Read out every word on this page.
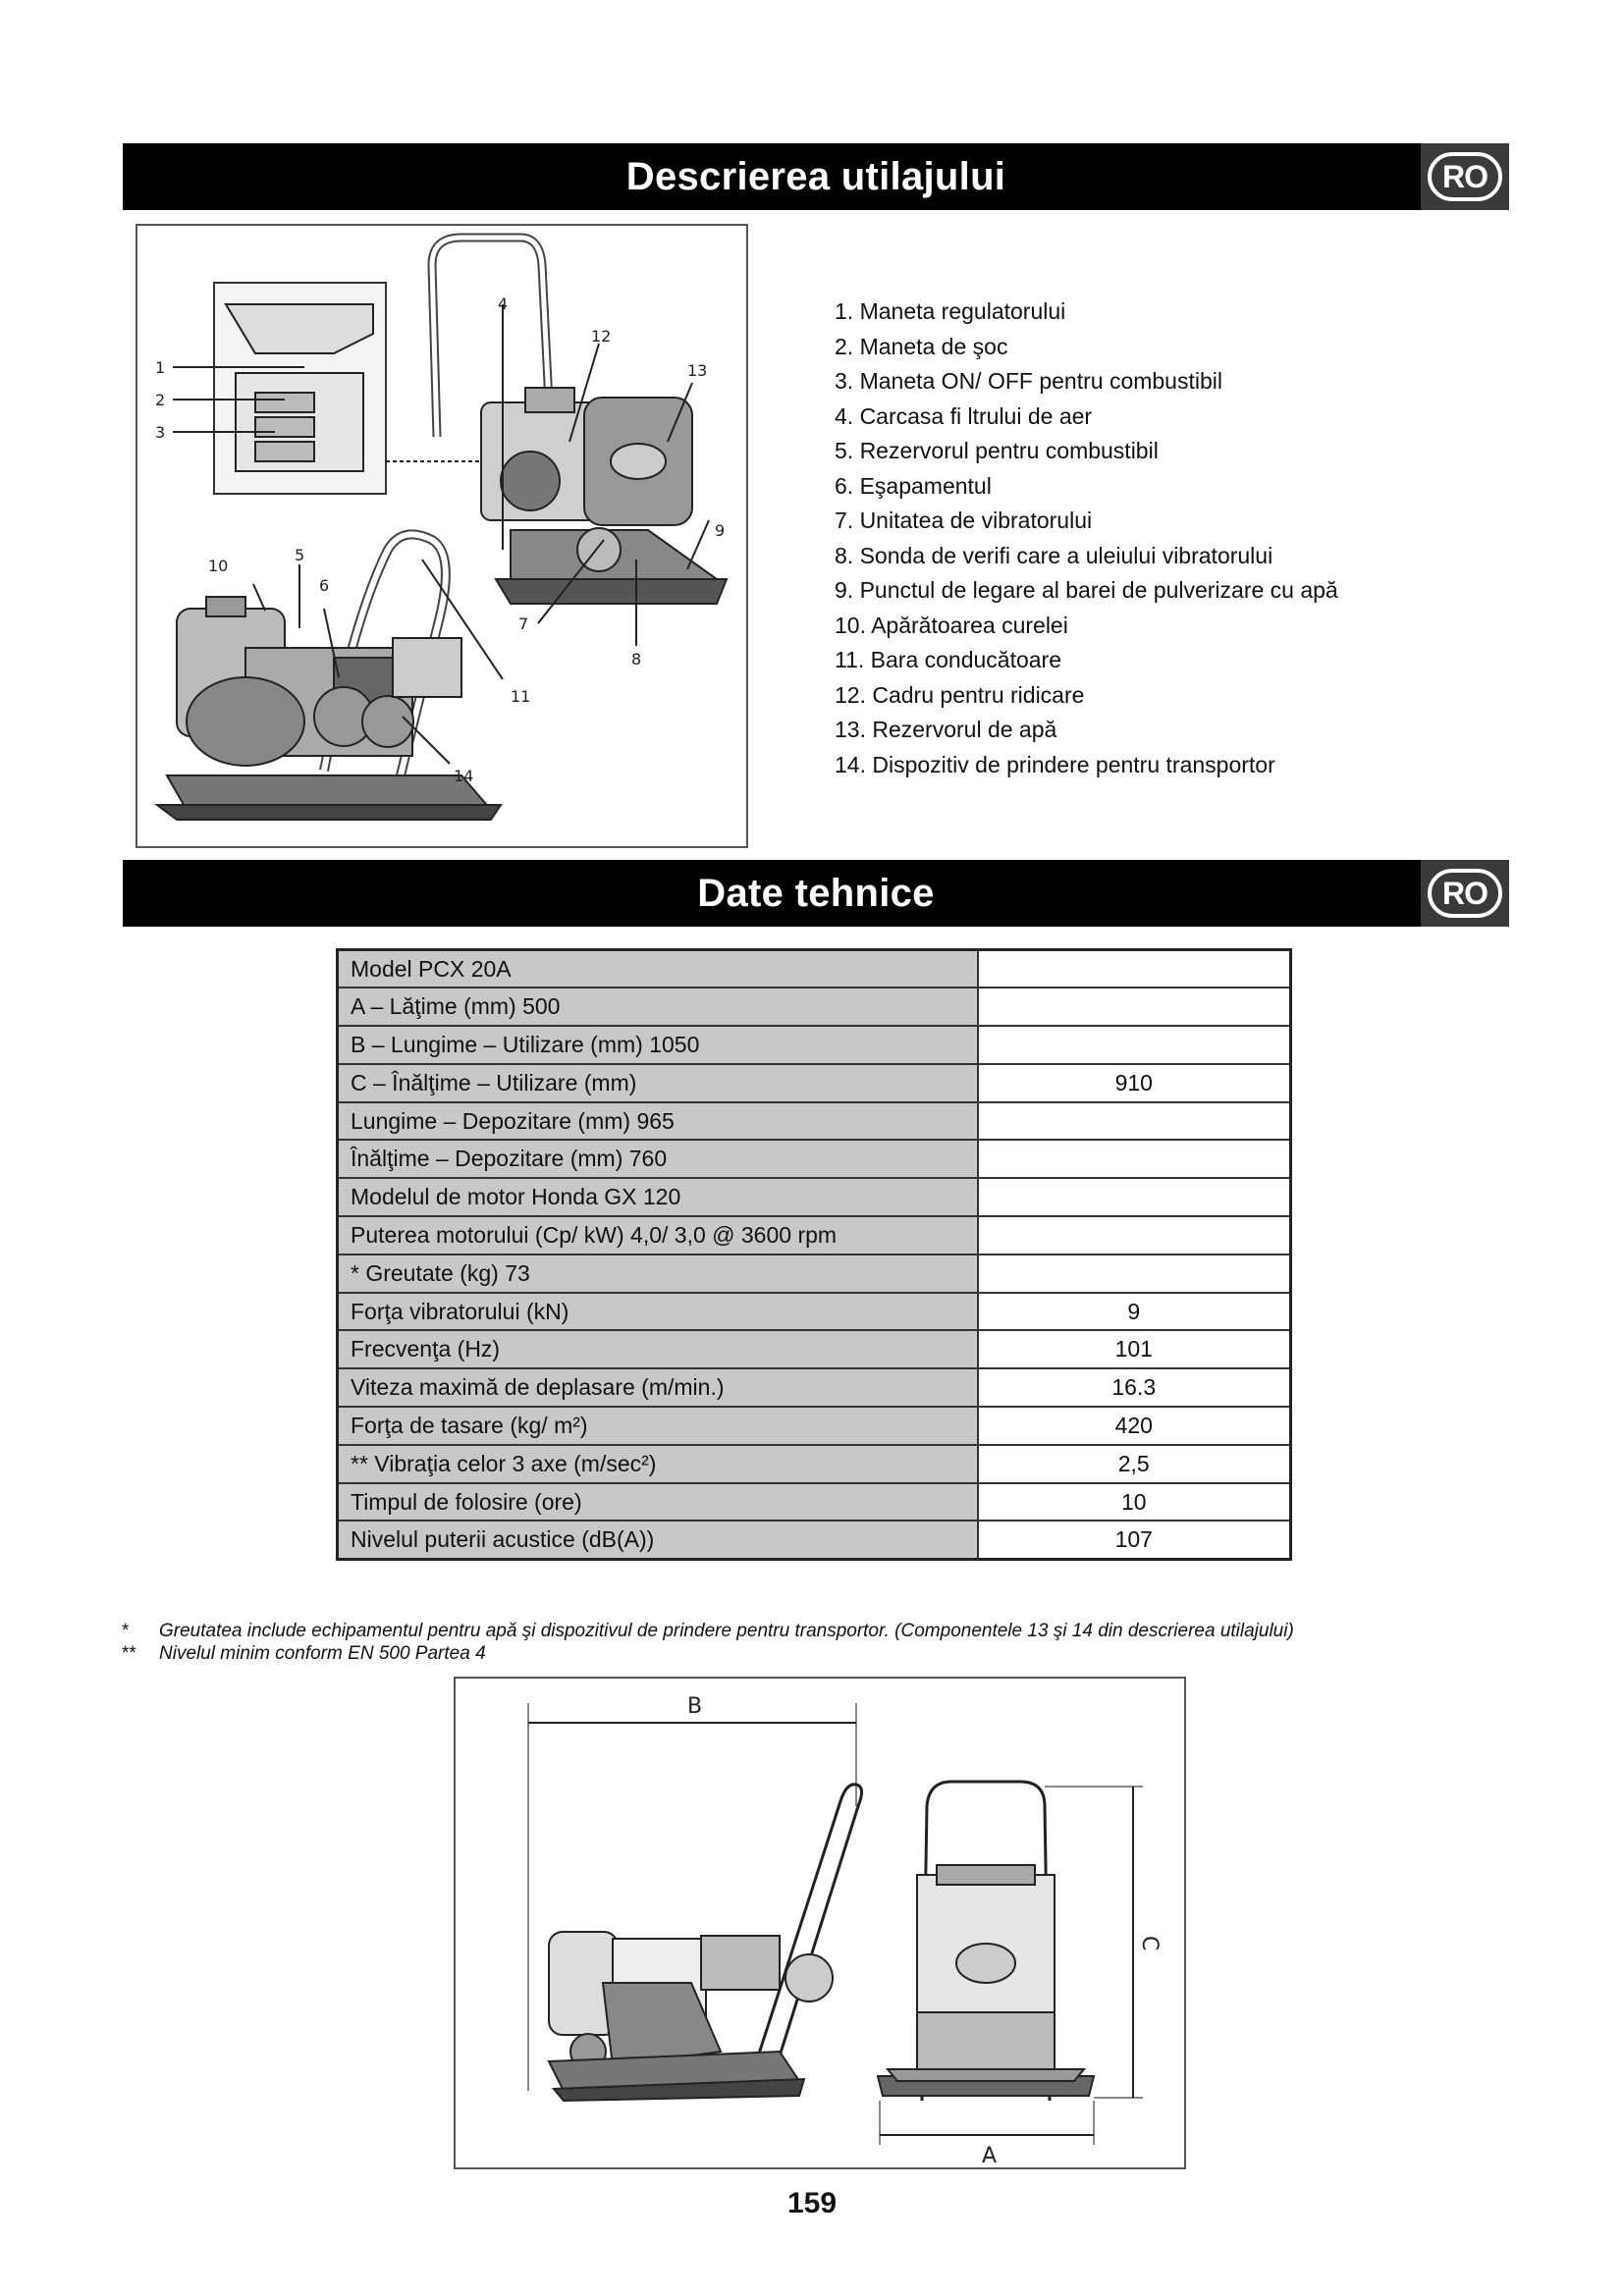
Descrierea utilajului	RO
1
2
3
4
5
6
7
8
9
10
11
12
13
14
1. Maneta regulatorului
2. Maneta de şoc
3. Maneta ON/ OFF pentru combustibil
4. Carcasa fi ltrului de aer
5. Rezervorul pentru combustibil
6. Eşapamentul
7. Unitatea de vibratorului
8. Sonda de verifi care a uleiului vibratorului
9. Punctul de legare al barei de pulverizare cu apă
10. Apărătoarea curelei
11. Bara conducătoare
12. Cadru pentru ridicare
13. Rezervorul de apă
14. Dispozitiv de prindere pentru transportor
Date tehnice	RO
Model PCX 20A	
A – Lăţime (mm) 500	
B – Lungime – Utilizare (mm) 1050	
C – Înălţime – Utilizare (mm)	910
Lungime – Depozitare (mm) 965	
Înălţime – Depozitare (mm) 760	
Modelul de motor Honda GX 120	
Puterea motorului (Cp/ kW) 4,0/ 3,0 @ 3600 rpm	
* Greutate (kg) 73	
Forţa vibratorului (kN)	9
Frecvenţa (Hz)	101
Viteza maximă de deplasare (m/min.)	16.3
Forţa de tasare (kg/ m²)	420
** Vibraţia celor 3 axe (m/sec²)	2,5
Timpul de folosire (ore)	10
Nivelul puterii acustice (dB(A))	107
*	Greutatea include echipamentul pentru apă şi dispozitivul de prindere pentru transportor. (Componentele 13 şi 14 din descrierea utilajului)
**	Nivelul minim conform EN 500 Partea 4
B
A
C
159
